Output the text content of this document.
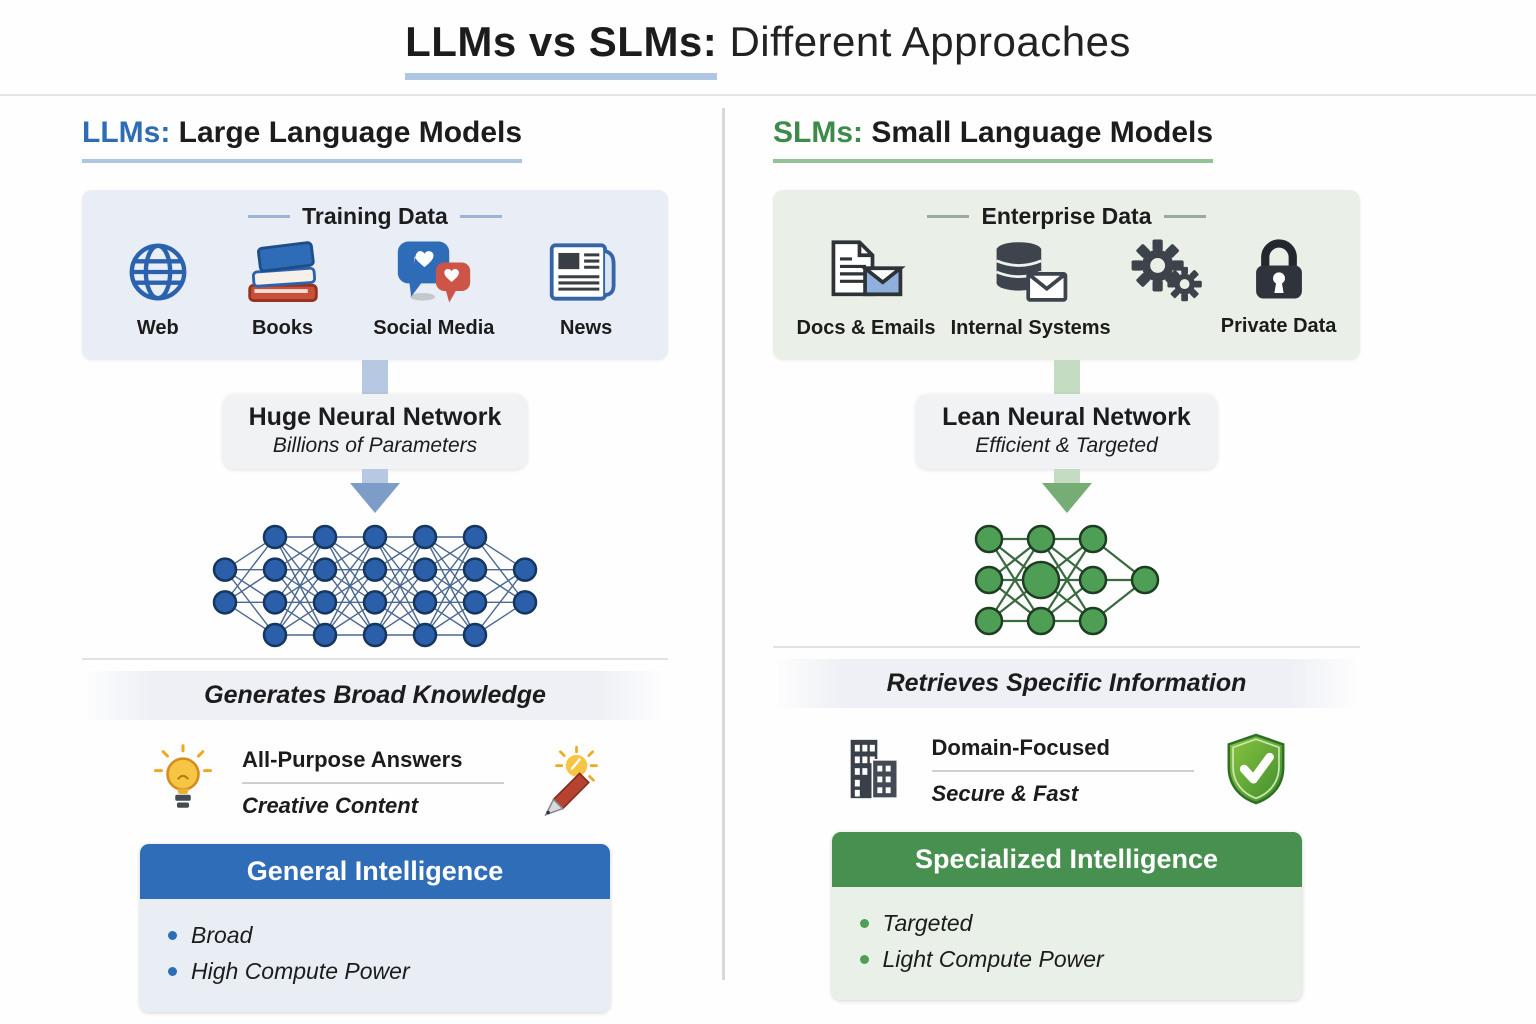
LLMs vs SLMs: Different Approaches
LLMs: Large Language Models
Training Data
Web	Books	Social Media	News
Huge Neural Network
Billions of Parameters
Generates Broad Knowledge
All-Purpose Answers
Creative Content
General Intelligence
Broad
High Compute Power
SLMs: Small Language Models
Enterprise Data
Docs & Emails Internal Systems	Private Data
Lean Neural Network
Efficient & Targeted
Retrieves Specific Information
Domain-Focused
Secure & Fast
Specialized Intelligence
Targeted
Light Compute Power
